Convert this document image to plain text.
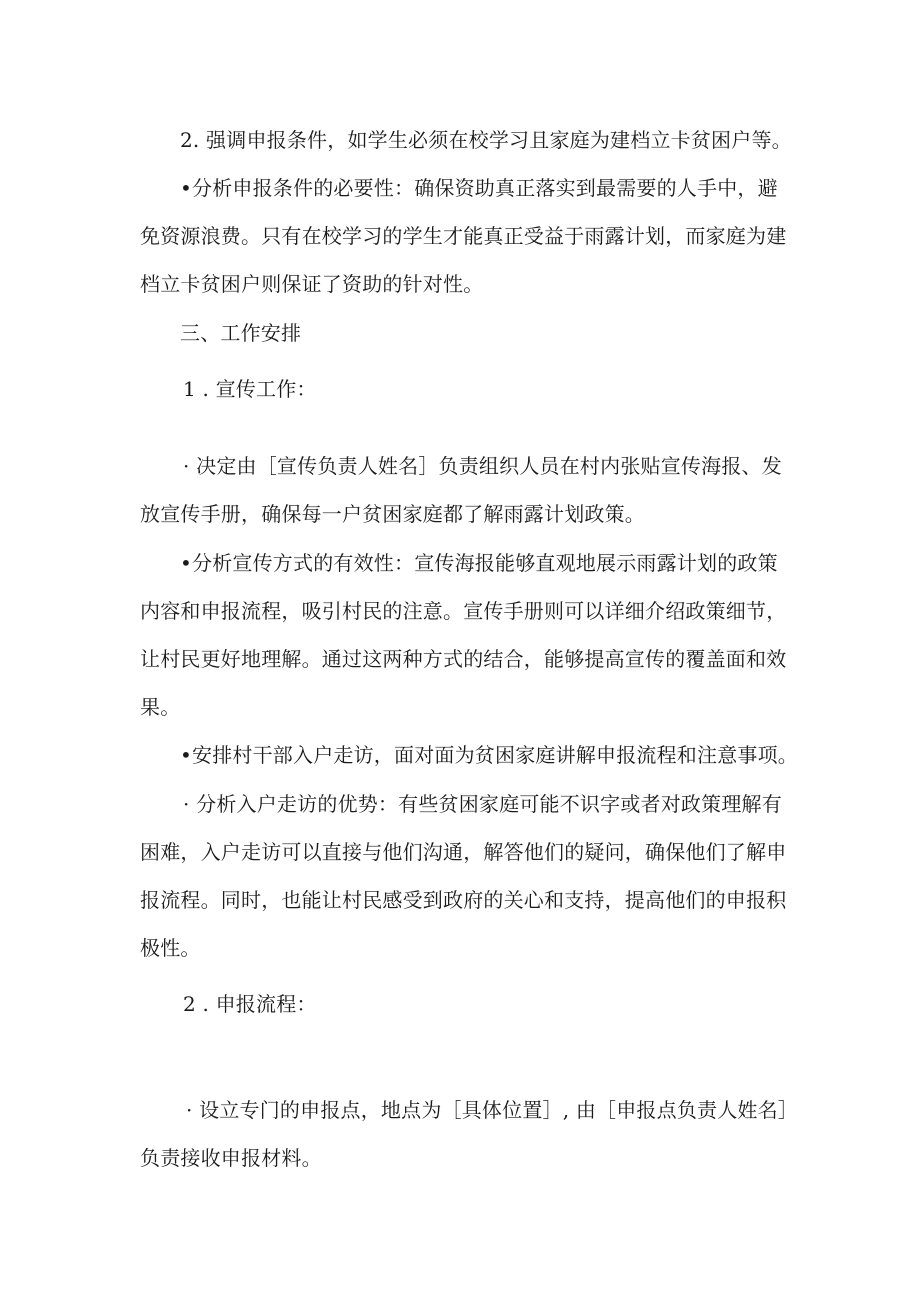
2. 强调申报条件，如学生必须在校学习且家庭为建档立卡贫困户等。
•分析申报条件的必要性：确保资助真正落实到最需要的人手中，避
免资源浪费。只有在校学习的学生才能真正受益于雨露计划，而家庭为建
档立卡贫困户则保证了资助的针对性。
三、工作安排
1 . 宣传工作：
· 决定由［宣传负责人姓名］负责组织人员在村内张贴宣传海报、发
放宣传手册，确保每一户贫困家庭都了解雨露计划政策。
•分析宣传方式的有效性：宣传海报能够直观地展示雨露计划的政策
内容和申报流程，吸引村民的注意。宣传手册则可以详细介绍政策细节，
让村民更好地理解。通过这两种方式的结合，能够提高宣传的覆盖面和效
果。
•安排村干部入户走访，面对面为贫困家庭讲解申报流程和注意事项。
· 分析入户走访的优势：有些贫困家庭可能不识字或者对政策理解有
困难，入户走访可以直接与他们沟通，解答他们的疑问，确保他们了解申
报流程。同时，也能让村民感受到政府的关心和支持，提高他们的申报积
极性。
2 . 申报流程：
· 设立专门的申报点，地点为［具体位置］, 由［申报点负责人姓名］
负责接收申报材料。
